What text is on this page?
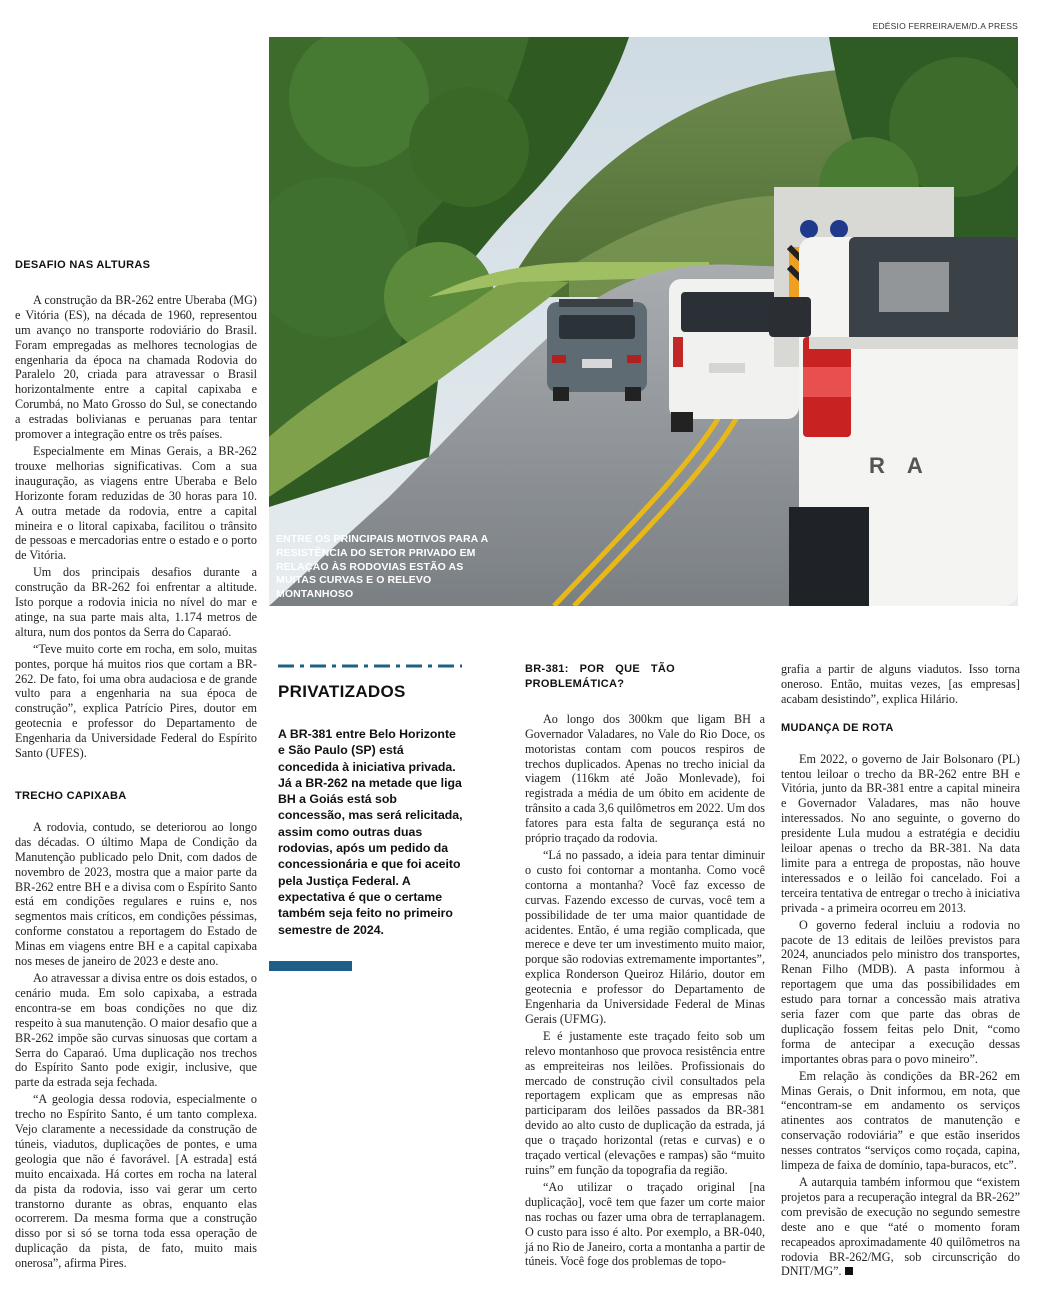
EDÉSIO FERREIRA/EM/D.A PRESS
RA
ENTRE OS PRINCIPAIS MOTIVOS PARA A RESISTÊNCIA DO SETOR PRIVADO EM RELAÇÃO ÀS RODOVIAS ESTÃO AS MUITAS CURVAS E O RELEVO MONTANHOSO

DESAFIO NAS ALTURAS

A construção da BR-262 entre Uberaba (MG) e Vitória (ES), na década de 1960, representou um avanço no transporte rodoviário do Brasil. Foram empregadas as melhores tecnologias de engenharia da época na chamada Rodovia do Paralelo 20, criada para atravessar o Brasil horizontalmente entre a capital capixaba e Corumbá, no Mato Grosso do Sul, se conectando a estradas bolivianas e peruanas para tentar promover a integração entre os três países.

Especialmente em Minas Gerais, a BR-262 trouxe melhorias significativas. Com a sua inauguração, as viagens entre Uberaba e Belo Horizonte foram reduzidas de 30 horas para 10. A outra metade da rodovia, entre a capital mineira e o litoral capixaba, facilitou o trânsito de pessoas e mercadorias entre o estado e o porto de Vitória.

Um dos principais desafios durante a construção da BR-262 foi enfrentar a altitude. Isto porque a rodovia inicia no nível do mar e atinge, na sua parte mais alta, 1.174 metros de altura, num dos pontos da Serra do Caparaó.

“Teve muito corte em rocha, em solo, muitas pontes, porque há muitos rios que cortam a BR-262. De fato, foi uma obra audaciosa e de grande vulto para a engenharia na sua época de construção”, explica Patrício Pires, doutor em geotecnia e professor do Departamento de Engenharia da Universidade Federal do Espírito Santo (UFES).

TRECHO CAPIXABA

A rodovia, contudo, se deteriorou ao longo das décadas. O último Mapa de Condição da Manutenção publicado pelo Dnit, com dados de novembro de 2023, mostra que a maior parte da BR-262 entre BH e a divisa com o Espírito Santo está em condições regulares e ruins e, nos segmentos mais críticos, em condições péssimas, conforme constatou a reportagem do Estado de Minas em viagens entre BH e a capital capixaba nos meses de janeiro de 2023 e deste ano.

Ao atravessar a divisa entre os dois estados, o cenário muda. Em solo capixaba, a estrada encontra-se em boas condições no que diz respeito à sua manutenção. O maior desafio que a BR-262 impõe são curvas sinuosas que cortam a Serra do Caparaó. Uma duplicação nos trechos do Espírito Santo pode exigir, inclusive, que parte da estrada seja fechada.

“A geologia dessa rodovia, especialmente o trecho no Espírito Santo, é um tanto complexa. Vejo claramente a necessidade da construção de túneis, viadutos, duplicações de pontes, e uma geologia que não é favorável. [A estrada] está muito encaixada. Há cortes em rocha na lateral da pista da rodovia, isso vai gerar um certo transtorno durante as obras, enquanto elas ocorrerem. Da mesma forma que a construção disso por si só se torna toda essa operação de duplicação da pista, de fato, muito mais onerosa”, afirma Pires.

PRIVATIZADOS
A BR-381 entre Belo Horizonte e São Paulo (SP) está concedida à iniciativa privada. Já a BR-262 na metade que liga BH a Goiás está sob concessão, mas será relicitada, assim como outras duas rodovias, após um pedido da concessionária e que foi aceito pela Justiça Federal. A expectativa é que o certame também seja feito no primeiro semestre de 2024.

BR-381: POR QUE TÃO PROBLEMÁTICA?

Ao longo dos 300km que ligam BH a Governador Valadares, no Vale do Rio Doce, os motoristas contam com poucos respiros de trechos duplicados. Apenas no trecho inicial da viagem (116km até João Monlevade), foi registrada a média de um óbito em acidente de trânsito a cada 3,6 quilômetros em 2022. Um dos fatores para esta falta de segurança está no próprio traçado da rodovia.

“Lá no passado, a ideia para tentar diminuir o custo foi contornar a montanha. Como você contorna a montanha? Você faz excesso de curvas. Fazendo excesso de curvas, você tem a possibilidade de ter uma maior quantidade de acidentes. Então, é uma região complicada, que merece e deve ter um investimento muito maior, porque são rodovias extremamente importantes”, explica Ronderson Queiroz Hilário, doutor em geotecnia e professor do Departamento de Engenharia da Universidade Federal de Minas Gerais (UFMG).

E é justamente este traçado feito sob um relevo montanhoso que provoca resistência entre as empreiteiras nos leilões. Profissionais do mercado de construção civil consultados pela reportagem explicam que as empresas não participaram dos leilões passados da BR-381 devido ao alto custo de duplicação da estrada, já que o traçado horizontal (retas e curvas) e o traçado vertical (elevações e rampas) são “muito ruins” em função da topografia da região.

“Ao utilizar o traçado original [na duplicação], você tem que fazer um corte maior nas rochas ou fazer uma obra de terraplanagem. O custo para isso é alto. Por exemplo, a BR-040, já no Rio de Janeiro, corta a montanha a partir de túneis. Você foge dos problemas de topo-

grafia a partir de alguns viadutos. Isso torna oneroso. Então, muitas vezes, [as empresas] acabam desistindo”, explica Hilário.

MUDANÇA DE ROTA

Em 2022, o governo de Jair Bolsonaro (PL) tentou leiloar o trecho da BR-262 entre BH e Vitória, junto da BR-381 entre a capital mineira e Governador Valadares, mas não houve interessados. No ano seguinte, o governo do presidente Lula mudou a estratégia e decidiu leiloar apenas o trecho da BR-381. Na data limite para a entrega de propostas, não houve interessados e o leilão foi cancelado. Foi a terceira tentativa de entregar o trecho à iniciativa privada - a primeira ocorreu em 2013.

O governo federal incluiu a rodovia no pacote de 13 editais de leilões previstos para 2024, anunciados pelo ministro dos transportes, Renan Filho (MDB). A pasta informou à reportagem que uma das possibilidades em estudo para tornar a concessão mais atrativa seria fazer com que parte das obras de duplicação fossem feitas pelo Dnit, “como forma de antecipar a execução dessas importantes obras para o povo mineiro”.

Em relação às condições da BR-262 em Minas Gerais, o Dnit informou, em nota, que “encontram-se em andamento os serviços atinentes aos contratos de manutenção e conservação rodoviária” e que estão inseridos nesses contratos “serviços como roçada, capina, limpeza de faixa de domínio, tapa-buracos, etc”.

A autarquia também informou que “existem projetos para a recuperação integral da BR-262” com previsão de execução no segundo semestre deste ano e que “até o momento foram recapeados aproximadamente 40 quilômetros na rodovia BR-262/MG, sob circunscrição do DNIT/MG”.
